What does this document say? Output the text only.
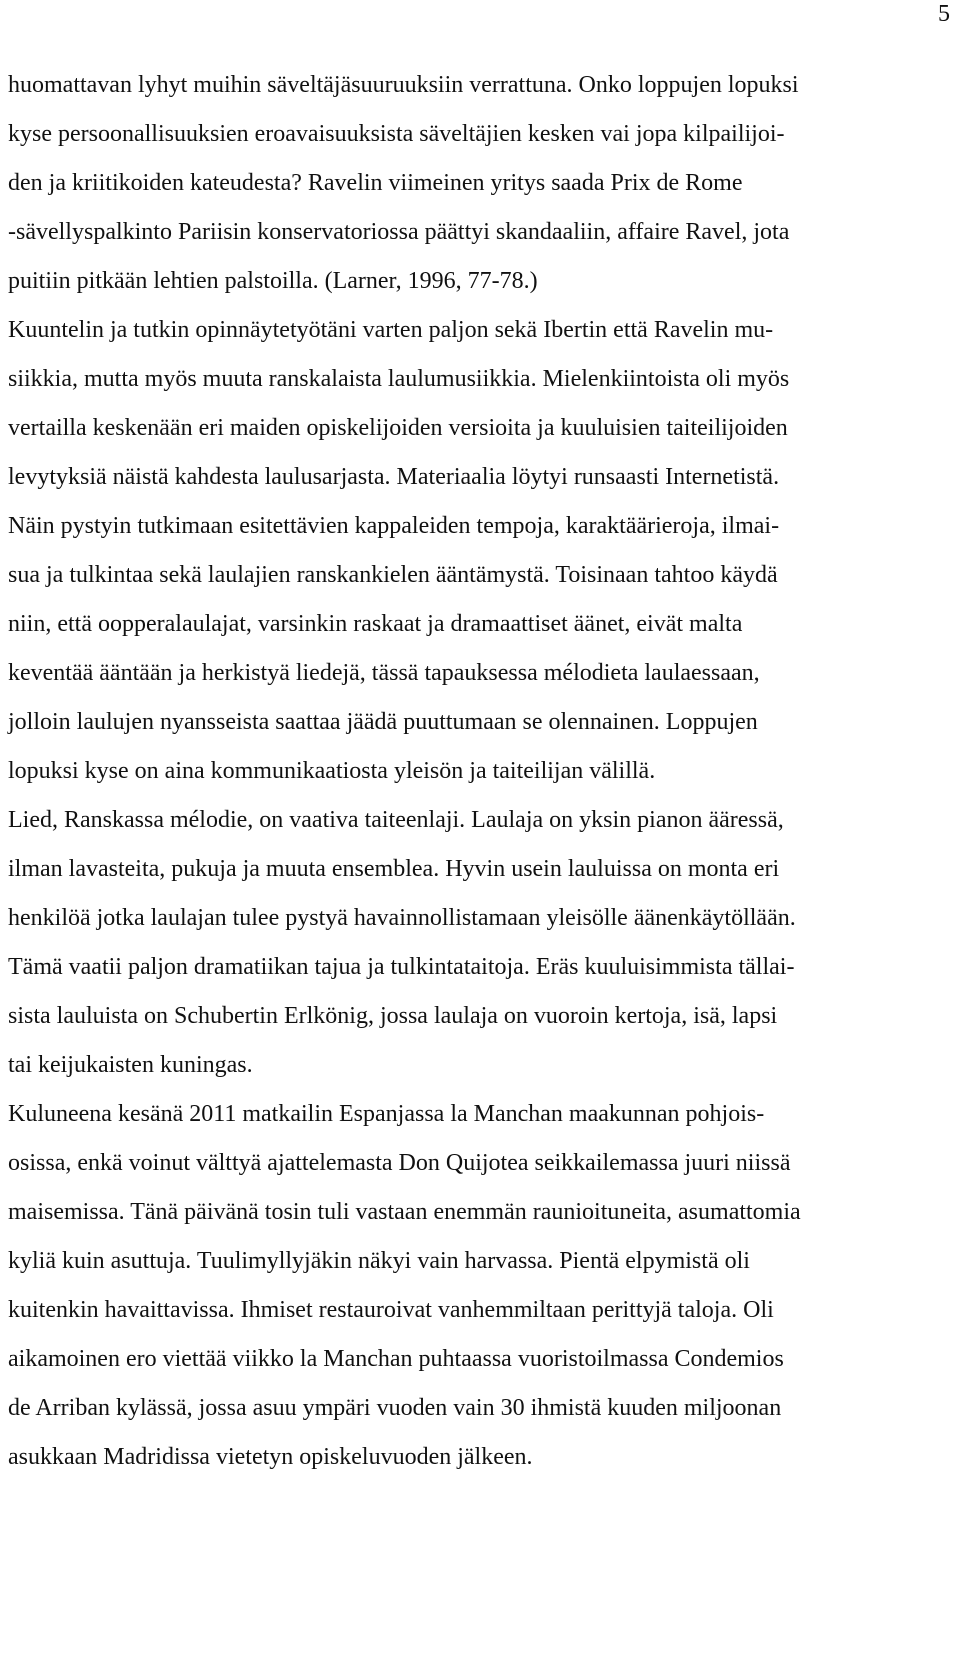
5
huomattavan lyhyt muihin säveltäjäsuuruuksiin verrattuna. Onko loppujen lopuksi
kyse persoonallisuuksien eroavaisuuksista säveltäjien kesken vai jopa kilpailijoi-
den ja kriitikoiden kateudesta? Ravelin viimeinen yritys saada Prix de Rome
-sävellyspalkinto Pariisin konservatoriossa päättyi skandaaliin, affaire Ravel, jota
puitiin pitkään lehtien palstoilla. (Larner, 1996, 77-78.)
Kuuntelin ja tutkin opinnäytetyötäni varten paljon sekä Ibertin että Ravelin mu-
siikkia, mutta myös muuta ranskalaista laulumusiikkia. Mielenkiintoista oli myös
vertailla keskenään eri maiden opiskelijoiden versioita ja kuuluisien taiteilijoiden
levytyksiä näistä kahdesta laulusarjasta. Materiaalia löytyi runsaasti Internetistä.
Näin pystyin tutkimaan esitettävien kappaleiden tempoja, karaktäärieroja, ilmai-
sua ja tulkintaa sekä laulajien ranskankielen ääntämystä. Toisinaan tahtoo käydä
niin, että oopperalaulajat, varsinkin raskaat ja dramaattiset äänet, eivät malta
keventää ääntään ja herkistyä liedejä, tässä tapauksessa mélodieta laulaessaan,
jolloin laulujen nyansseista saattaa jäädä puuttumaan se olennainen. Loppujen
lopuksi kyse on aina kommunikaatiosta yleisön ja taiteilijan välillä.
Lied, Ranskassa mélodie, on vaativa taiteenlaji. Laulaja on yksin pianon ääressä,
ilman lavasteita, pukuja ja muuta ensemblea. Hyvin usein lauluissa on monta eri
henkilöä jotka laulajan tulee pystyä havainnollistamaan yleisölle äänenkäytöllään.
Tämä vaatii paljon dramatiikan tajua ja tulkintataitoja. Eräs kuuluisimmista tällai-
sista lauluista on Schubertin Erlkönig, jossa laulaja on vuoroin kertoja, isä, lapsi
tai keijukaisten kuningas.
Kuluneena kesänä 2011 matkailin Espanjassa la Manchan maakunnan pohjois-
osissa, enkä voinut välttyä ajattelemasta Don Quijotea seikkailemassa juuri niissä
maisemissa. Tänä päivänä tosin tuli vastaan enemmän raunioituneita, asumattomia
kyliä kuin asuttuja. Tuulimyllyjäkin näkyi vain harvassa. Pientä elpymistä oli
kuitenkin havaittavissa. Ihmiset restauroivat vanhemmiltaan perittyjä taloja. Oli
aikamoinen ero viettää viikko la Manchan puhtaassa vuoristoilmassa Condemios
de Arriban kylässä, jossa asuu ympäri vuoden vain 30 ihmistä kuuden miljoonan
asukkaan Madridissa vietetyn opiskeluvuoden jälkeen.
